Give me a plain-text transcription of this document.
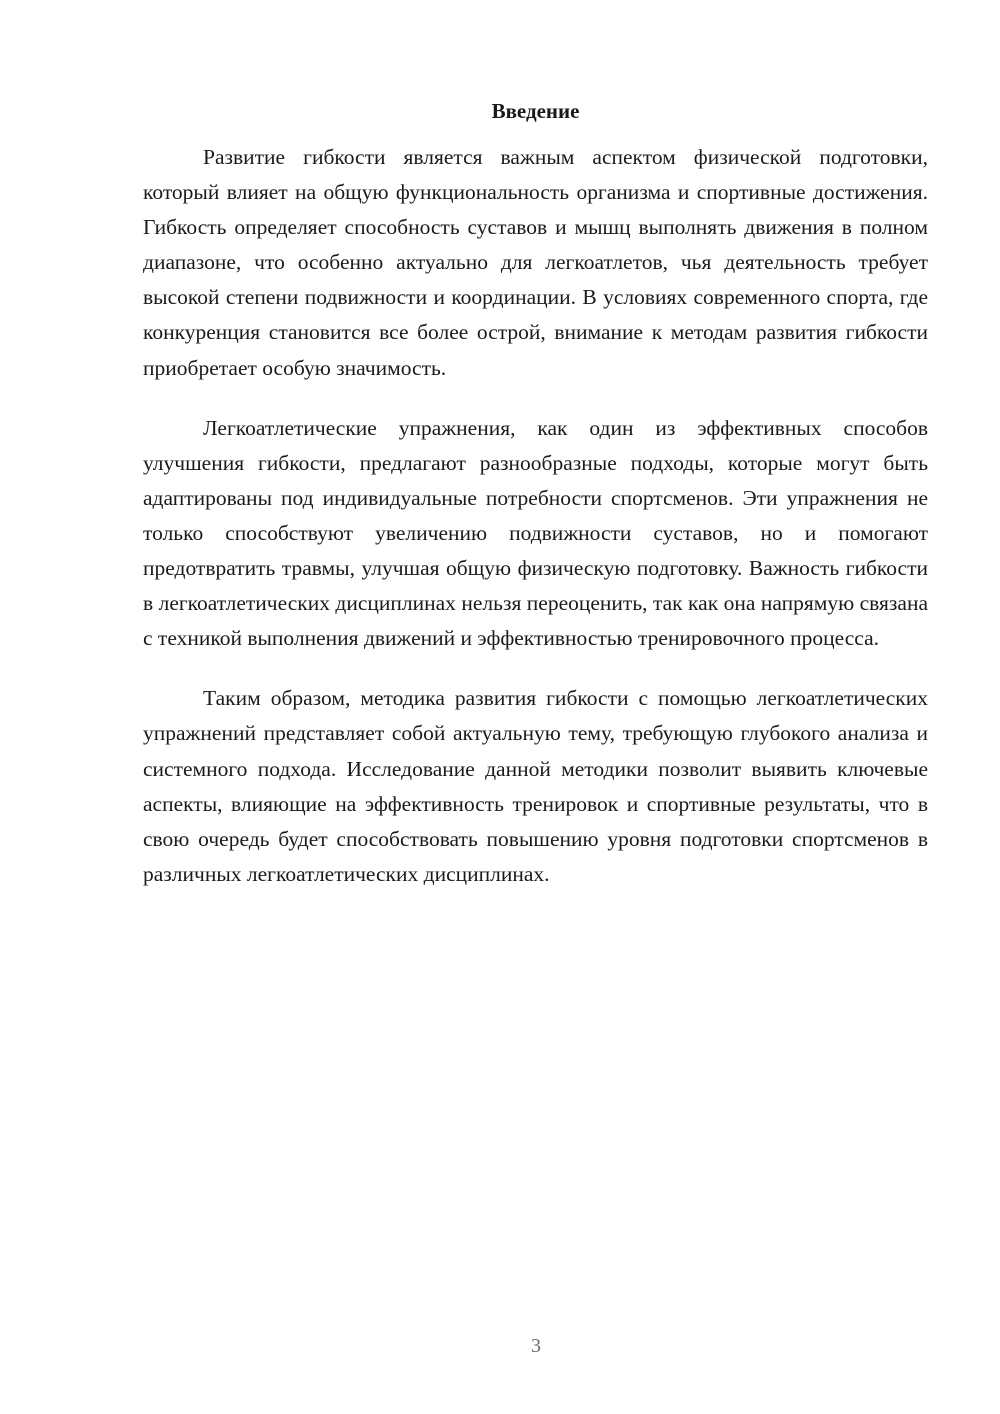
Введение

Развитие гибкости является важным аспектом физической подготовки, который влияет на общую функциональность организма и спортивные достижения. Гибкость определяет способность суставов и мышц выполнять движения в полном диапазоне, что особенно актуально для легкоатлетов, чья деятельность требует высокой степени подвижности и координации. В условиях современного спорта, где конкуренция становится все более острой, внимание к методам развития гибкости приобретает особую значимость.

Легкоатлетические упражнения, как один из эффективных способов улучшения гибкости, предлагают разнообразные подходы, которые могут быть адаптированы под индивидуальные потребности спортсменов. Эти упражнения не только способствуют увеличению подвижности суставов, но и помогают предотвратить травмы, улучшая общую физическую подготовку. Важность гибкости в легкоатлетических дисциплинах нельзя переоценить, так как она напрямую связана с техникой выполнения движений и эффективностью тренировочного процесса.

Таким образом, методика развития гибкости с помощью легкоатлетических упражнений представляет собой актуальную тему, требующую глубокого анализа и системного подхода. Исследование данной методики позволит выявить ключевые аспекты, влияющие на эффективность тренировок и спортивные результаты, что в свою очередь будет способствовать повышению уровня подготовки спортсменов в различных легкоатлетических дисциплинах.

3
